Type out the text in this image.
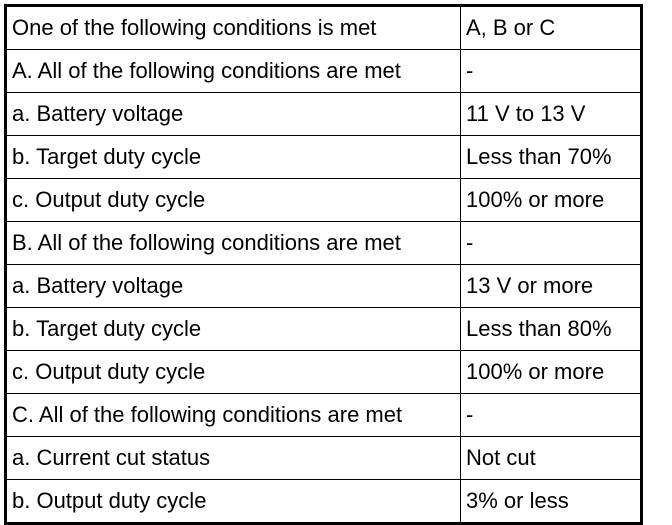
One of the following conditions is met	A, B or C
A. All of the following conditions are met	-
a. Battery voltage	11 V to 13 V
b. Target duty cycle	Less than 70%
c. Output duty cycle	100% or more
B. All of the following conditions are met	-
a. Battery voltage	13 V or more
b. Target duty cycle	Less than 80%
c. Output duty cycle	100% or more
C. All of the following conditions are met	-
a. Current cut status	Not cut
b. Output duty cycle	3% or less
